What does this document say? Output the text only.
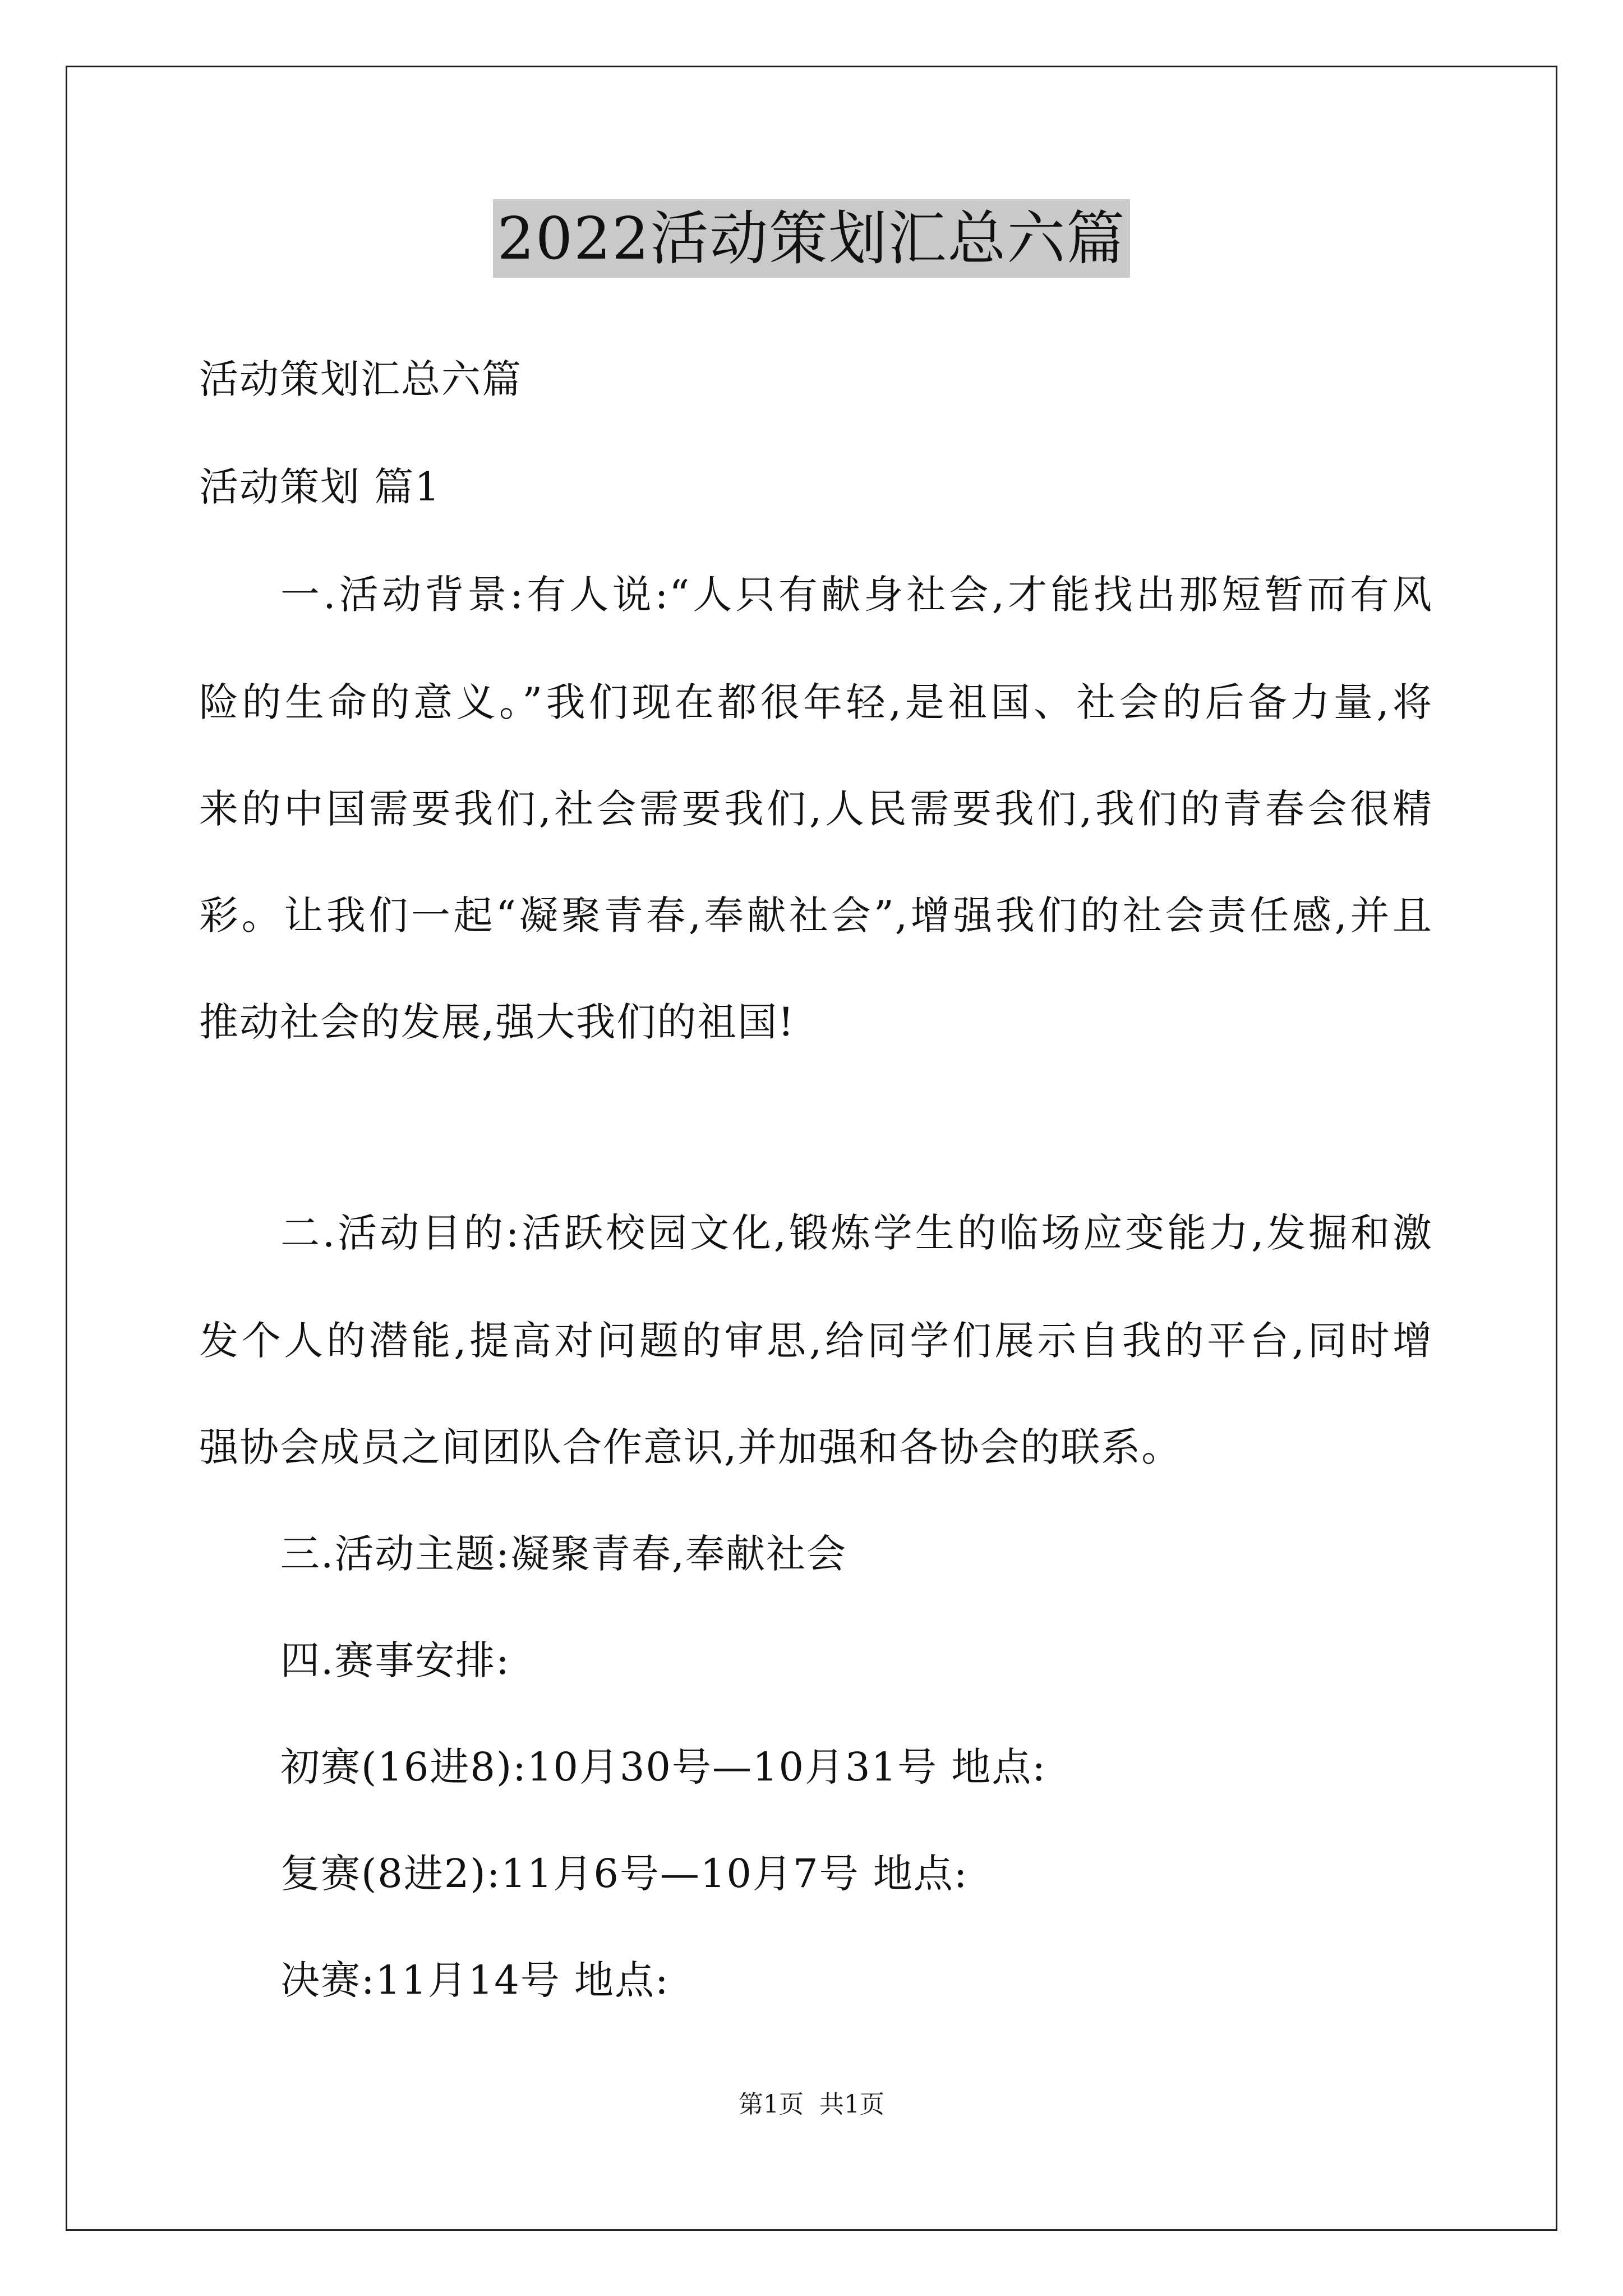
2022活动策划汇总六篇
活动策划汇总六篇
活动策划 篇1
一.活动背景:有人说:“人只有献身社会,才能找出那短暂而有风
险的生命的意义。”我们现在都很年轻,是祖国、社会的后备力量,将
来的中国需要我们,社会需要我们,人民需要我们,我们的青春会很精
彩。让我们一起“凝聚青春,奉献社会”,增强我们的社会责任感,并且
推动社会的发展,强大我们的祖国!
二.活动目的:活跃校园文化,锻炼学生的临场应变能力,发掘和激
发个人的潜能,提高对问题的审思,给同学们展示自我的平台,同时增
强协会成员之间团队合作意识,并加强和各协会的联系。
三.活动主题:凝聚青春,奉献社会
四.赛事安排:
初赛(16进8):10月30号—10月31号 地点:
复赛(8进2):11月6号—10月7号 地点:
决赛:11月14号 地点:
第1页 共1页
